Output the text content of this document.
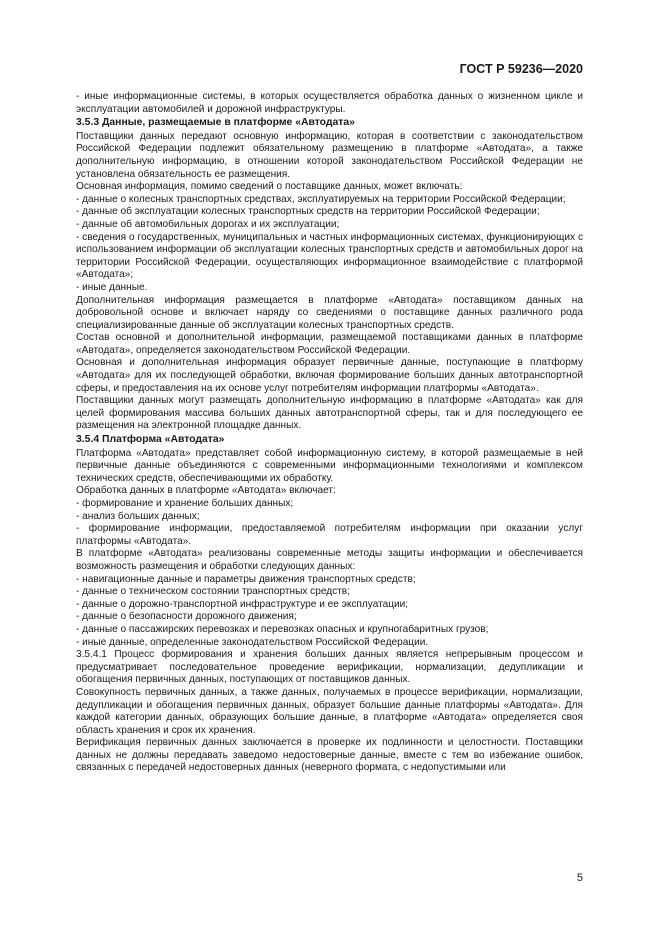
ГОСТ Р 59236—2020

- иные информационные системы, в которых осуществляется обработка данных о жизненном цикле и эксплуатации автомобилей и дорожной инфраструктуры.

3.5.3 Данные, размещаемые в платформе «Автодата»

Поставщики данных передают основную информацию, которая в соответствии с законодательством Российской Федерации подлежит обязательному размещению в платформе «Автодата», а также дополнительную информацию, в отношении которой законодательством Российской Федерации не установлена обязательность ее размещения.

Основная информация, помимо сведений о поставщике данных, может включать:

- данные о колесных транспортных средствах, эксплуатируемых на территории Российской Федерации;

- данные об эксплуатации колесных транспортных средств на территории Российской Федерации;

- данные об автомобильных дорогах и их эксплуатации;

- сведения о государственных, муниципальных и частных информационных системах, функционирующих с использованием информации об эксплуатации колесных транспортных средств и автомобильных дорог на территории Российской Федерации, осуществляющих информационное взаимодействие с платформой «Автодата»;

- иные данные.

Дополнительная информация размещается в платформе «Автодата» поставщиком данных на добровольной основе и включает наряду со сведениями о поставщике данных различного рода специализированные данные об эксплуатации колесных транспортных средств.

Состав основной и дополнительной информации, размещаемой поставщиками данных в платформе «Автодата», определяется законодательством Российской Федерации.

Основная и дополнительная информация образует первичные данные, поступающие в платформу «Автодата» для их последующей обработки, включая формирование больших данных автотранспортной сферы, и предоставления на их основе услуг потребителям информации платформы «Автодата».

Поставщики данных могут размещать дополнительную информацию в платформе «Автодата» как для целей формирования массива больших данных автотранспортной сферы, так и для последующего ее размещения на электронной площадке данных.

3.5.4 Платформа «Автодата»

Платформа «Автодата» представляет собой информационную систему, в которой размещаемые в ней первичные данные объединяются с современными информационными технологиями и комплексом технических средств, обеспечивающими их обработку.

Обработка данных в платформе «Автодата» включает:

- формирование и хранение больших данных;

- анализ больших данных;

- формирование информации, предоставляемой потребителям информации при оказании услуг платформы «Автодата».

В платформе «Автодата» реализованы современные методы защиты информации и обеспечивается возможность размещения и обработки следующих данных:

- навигационные данные и параметры движения транспортных средств;

- данные о техническом состоянии транспортных средств;

- данные о дорожно-транспортной инфраструктуре и ее эксплуатации;

- данные о безопасности дорожного движения;

- данные о пассажирских перевозках и перевозках опасных и крупногабаритных грузов;

- иные данные, определенные законодательством Российской Федерации.

3.5.4.1 Процесс формирования и хранения больших данных является непрерывным процессом и предусматривает последовательное проведение верификации, нормализации, дедупликации и обогащения первичных данных, поступающих от поставщиков данных.

Совокупность первичных данных, а также данных, получаемых в процессе верификации, нормализации, дедупликации и обогащения первичных данных, образует большие данные платформы «Автодата». Для каждой категории данных, образующих большие данные, в платформе «Автодата» определяется своя область хранения и срок их хранения.

Верификация первичных данных заключается в проверке их подлинности и целостности. Поставщики данных не должны передавать заведомо недостоверные данные, вместе с тем во избежание ошибок, связанных с передачей недостоверных данных (неверного формата, с недопустимыми или

5
